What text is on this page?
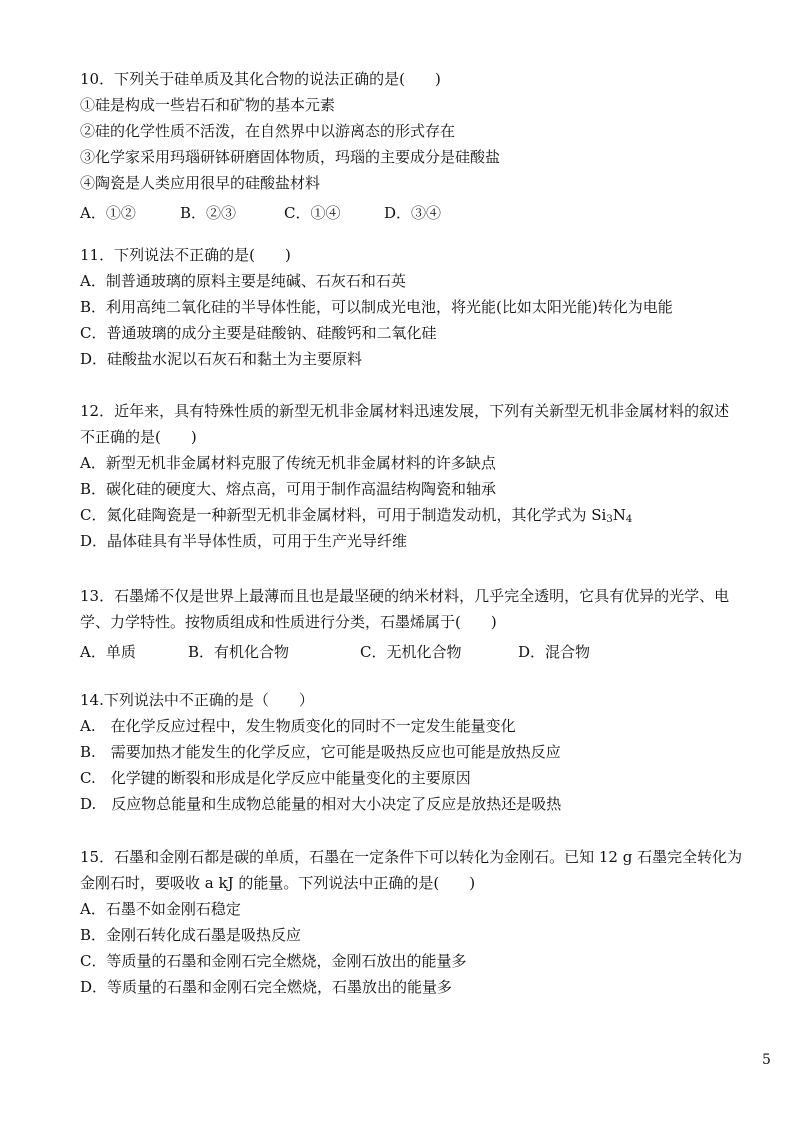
10．下列关于硅单质及其化合物的说法正确的是(　　)
①硅是构成一些岩石和矿物的基本元素
②硅的化学性质不活泼，在自然界中以游离态的形式存在
③化学家采用玛瑙研钵研磨固体物质，玛瑙的主要成分是硅酸盐
④陶瓷是人类应用很早的硅酸盐材料
A．①②	B．②③	C．①④	D．③④
11．下列说法不正确的是(　　)
A．制普通玻璃的原料主要是纯碱、石灰石和石英
B．利用高纯二氧化硅的半导体性能，可以制成光电池，将光能(比如太阳光能)转化为电能
C．普通玻璃的成分主要是硅酸钠、硅酸钙和二氧化硅
D．硅酸盐水泥以石灰石和黏土为主要原料
12．近年来，具有特殊性质的新型无机非金属材料迅速发展，下列有关新型无机非金属材料的叙述
不正确的是(　　)
A．新型无机非金属材料克服了传统无机非金属材料的许多缺点
B．碳化硅的硬度大、熔点高，可用于制作高温结构陶瓷和轴承
C．氮化硅陶瓷是一种新型无机非金属材料，可用于制造发动机，其化学式为 $Si_3N_4$
D．晶体硅具有半导体性质，可用于生产光导纤维
13．石墨烯不仅是世界上最薄而且也是最坚硬的纳米材料，几乎完全透明，它具有优异的光学、电
学、力学特性。按物质组成和性质进行分类，石墨烯属于(　　)
A．单质	B．有机化合物	C．无机化合物	D．混合物
14.下列说法中不正确的是（　　）
A.　在化学反应过程中，发生物质变化的同时不一定发生能量变化
B.　需要加热才能发生的化学反应，它可能是吸热反应也可能是放热反应
C.　化学键的断裂和形成是化学反应中能量变化的主要原因
D.　反应物总能量和生成物总能量的相对大小决定了反应是放热还是吸热
15．石墨和金刚石都是碳的单质，石墨在一定条件下可以转化为金刚石。已知 12 g 石墨完全转化为
金刚石时，要吸收 a kJ 的能量。下列说法中正确的是(　　)
A．石墨不如金刚石稳定
B．金刚石转化成石墨是吸热反应
C．等质量的石墨和金刚石完全燃烧，金刚石放出的能量多
D．等质量的石墨和金刚石完全燃烧，石墨放出的能量多
5
